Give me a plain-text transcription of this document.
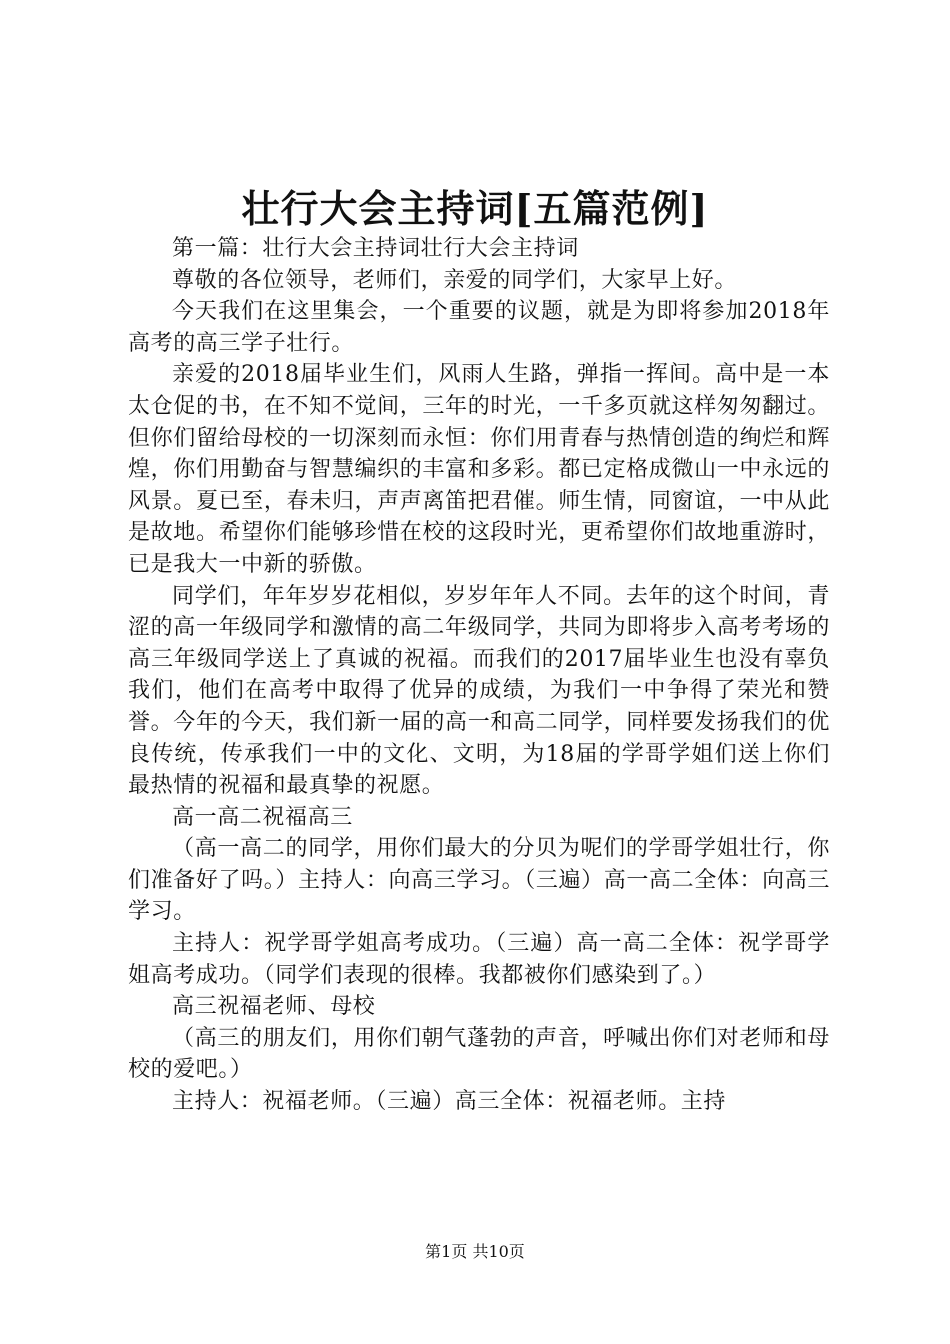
壮行大会主持词[五篇范例]

第一篇：壮行大会主持词壮行大会主持词

尊敬的各位领导，老师们，亲爱的同学们，大家早上好。

今天我们在这里集会，一个重要的议题，就是为即将参加2018年高考的高三学子壮行。

亲爱的2018届毕业生们，风雨人生路，弹指一挥间。高中是一本太仓促的书，在不知不觉间，三年的时光，一千多页就这样匆匆翻过。但你们留给母校的一切深刻而永恒：你们用青春与热情创造的绚烂和辉煌，你们用勤奋与智慧编织的丰富和多彩。都已定格成微山一中永远的风景。夏已至，春未归，声声离笛把君催。师生情，同窗谊，一中从此是故地。希望你们能够珍惜在校的这段时光，更希望你们故地重游时，已是我大一中新的骄傲。

同学们，年年岁岁花相似，岁岁年年人不同。去年的这个时间，青涩的高一年级同学和激情的高二年级同学，共同为即将步入高考考场的高三年级同学送上了真诚的祝福。而我们的2017届毕业生也没有辜负我们，他们在高考中取得了优异的成绩，为我们一中争得了荣光和赞誉。今年的今天，我们新一届的高一和高二同学，同样要发扬我们的优良传统，传承我们一中的文化、文明，为18届的学哥学姐们送上你们最热情的祝福和最真挚的祝愿。

高一高二祝福高三

（高一高二的同学，用你们最大的分贝为呢们的学哥学姐壮行，你们准备好了吗。）主持人：向高三学习。（三遍）高一高二全体：向高三学习。

主持人：祝学哥学姐高考成功。（三遍）高一高二全体：祝学哥学姐高考成功。（同学们表现的很棒。我都被你们感染到了。）

高三祝福老师、母校

（高三的朋友们，用你们朝气蓬勃的声音，呼喊出你们对老师和母校的爱吧。）

主持人：祝福老师。（三遍）高三全体：祝福老师。主持

第1页 共10页
